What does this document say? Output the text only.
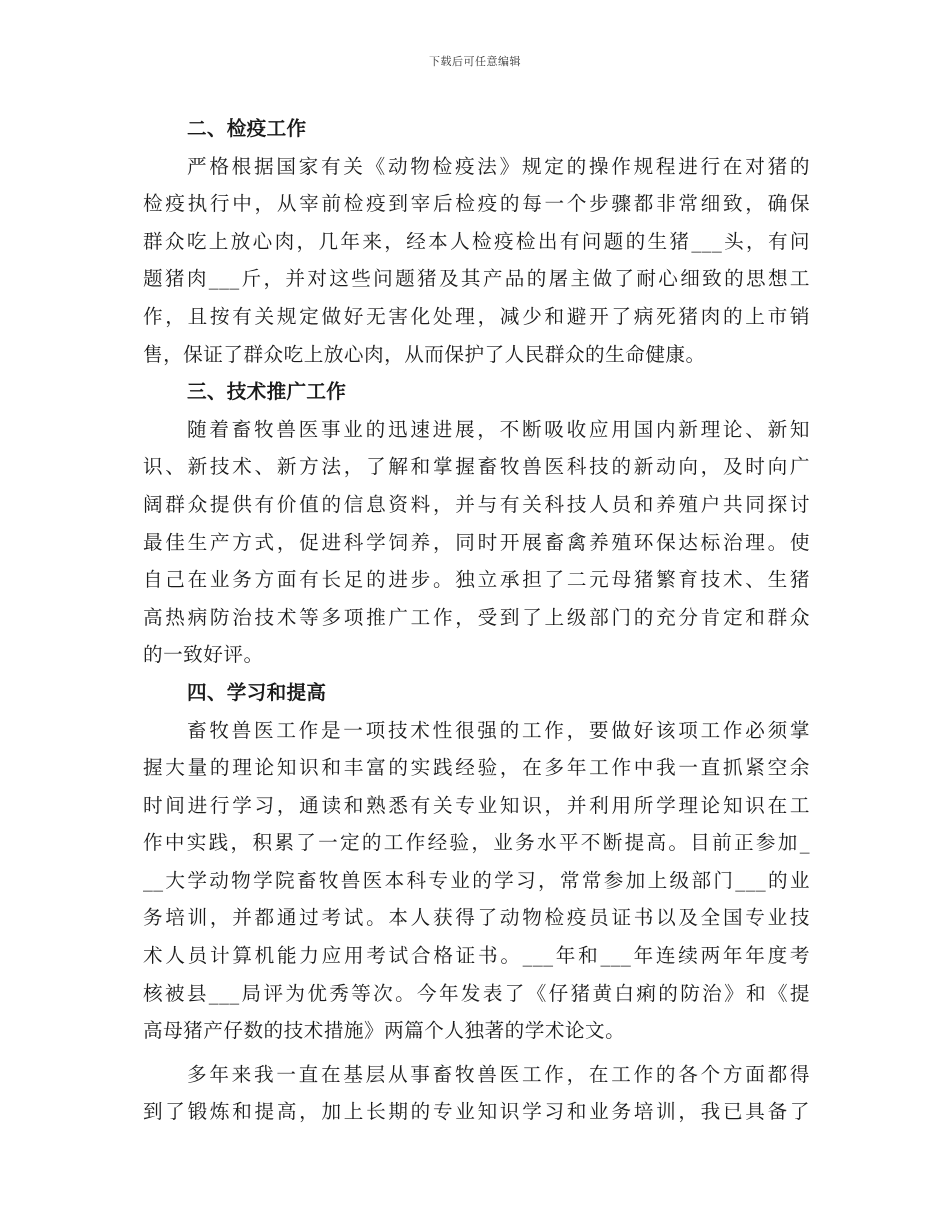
下载后可任意编辑
二、检疫工作
严格根据国家有关《动物检疫法》规定的操作规程进行在对猪的
检疫执行中，从宰前检疫到宰后检疫的每一个步骤都非常细致，确保
群众吃上放心肉，几年来，经本人检疫检出有问题的生猪___头，有问
题猪肉___斤，并对这些问题猪及其产品的屠主做了耐心细致的思想工
作，且按有关规定做好无害化处理，减少和避开了病死猪肉的上市销
售，保证了群众吃上放心肉，从而保护了人民群众的生命健康。
三、技术推广工作
随着畜牧兽医事业的迅速进展，不断吸收应用国内新理论、新知
识、新技术、新方法，了解和掌握畜牧兽医科技的新动向，及时向广
阔群众提供有价值的信息资料，并与有关科技人员和养殖户共同探讨
最佳生产方式，促进科学饲养，同时开展畜禽养殖环保达标治理。使
自己在业务方面有长足的进步。独立承担了二元母猪繁育技术、生猪
高热病防治技术等多项推广工作，受到了上级部门的充分肯定和群众
的一致好评。
四、学习和提高
畜牧兽医工作是一项技术性很强的工作，要做好该项工作必须掌
握大量的理论知识和丰富的实践经验，在多年工作中我一直抓紧空余
时间进行学习，通读和熟悉有关专业知识，并利用所学理论知识在工
作中实践，积累了一定的工作经验，业务水平不断提高。目前正参加_
__大学动物学院畜牧兽医本科专业的学习，常常参加上级部门___的业
务培训，并都通过考试。本人获得了动物检疫员证书以及全国专业技
术人员计算机能力应用考试合格证书。___年和___年连续两年年度考
核被县___局评为优秀等次。今年发表了《仔猪黄白痢的防治》和《提
高母猪产仔数的技术措施》两篇个人独著的学术论文。
多年来我一直在基层从事畜牧兽医工作，在工作的各个方面都得
到了锻炼和提高，加上长期的专业知识学习和业务培训，我已具备了
